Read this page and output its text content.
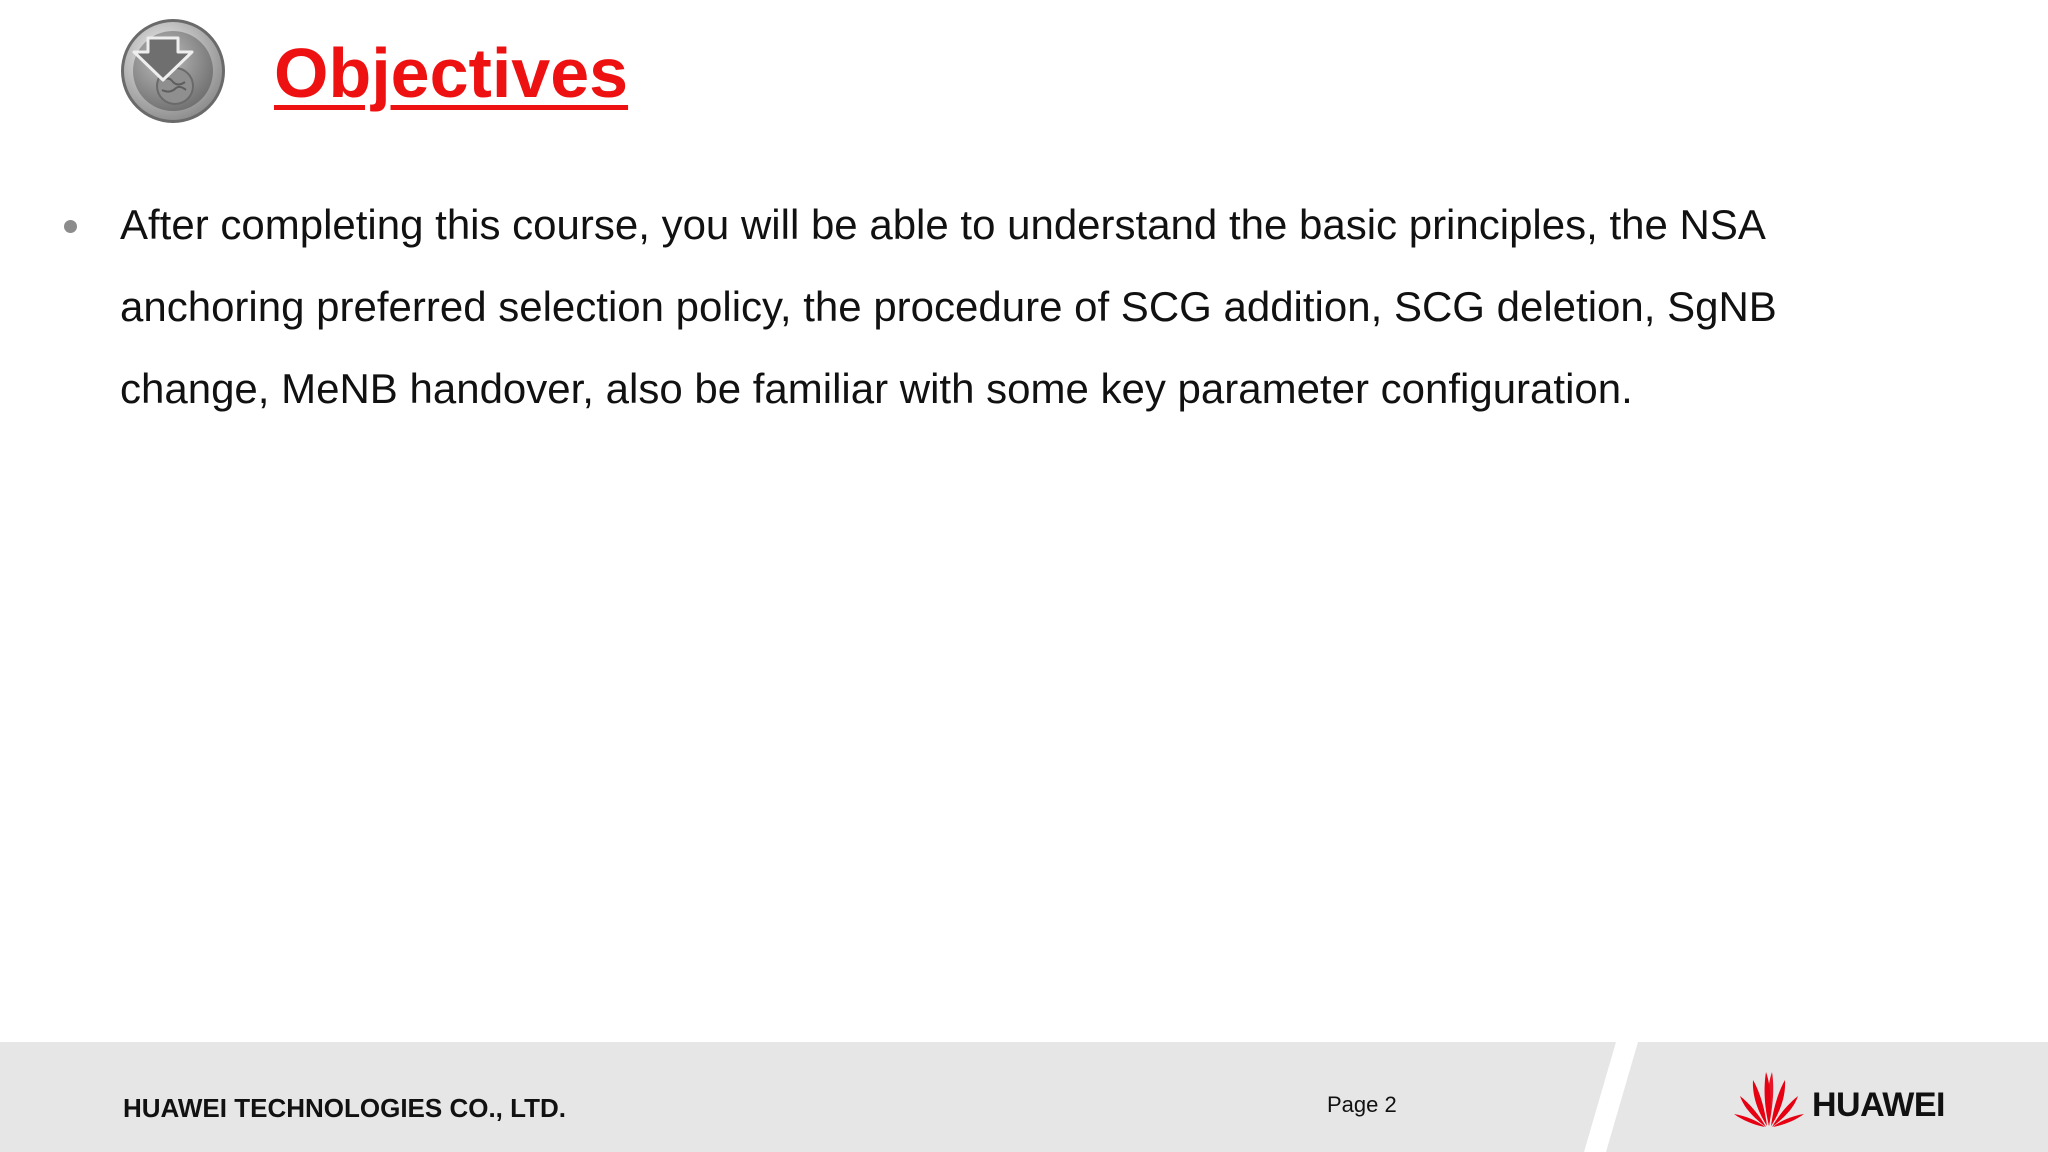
Objectives
After completing this course, you will be able to understand the basic principles, the NSA
anchoring preferred selection policy, the procedure of SCG addition, SCG deletion, SgNB
change, MeNB handover, also be familiar with some key parameter configuration.
HUAWEI TECHNOLOGIES CO., LTD.	Page 2	HUAWEI
